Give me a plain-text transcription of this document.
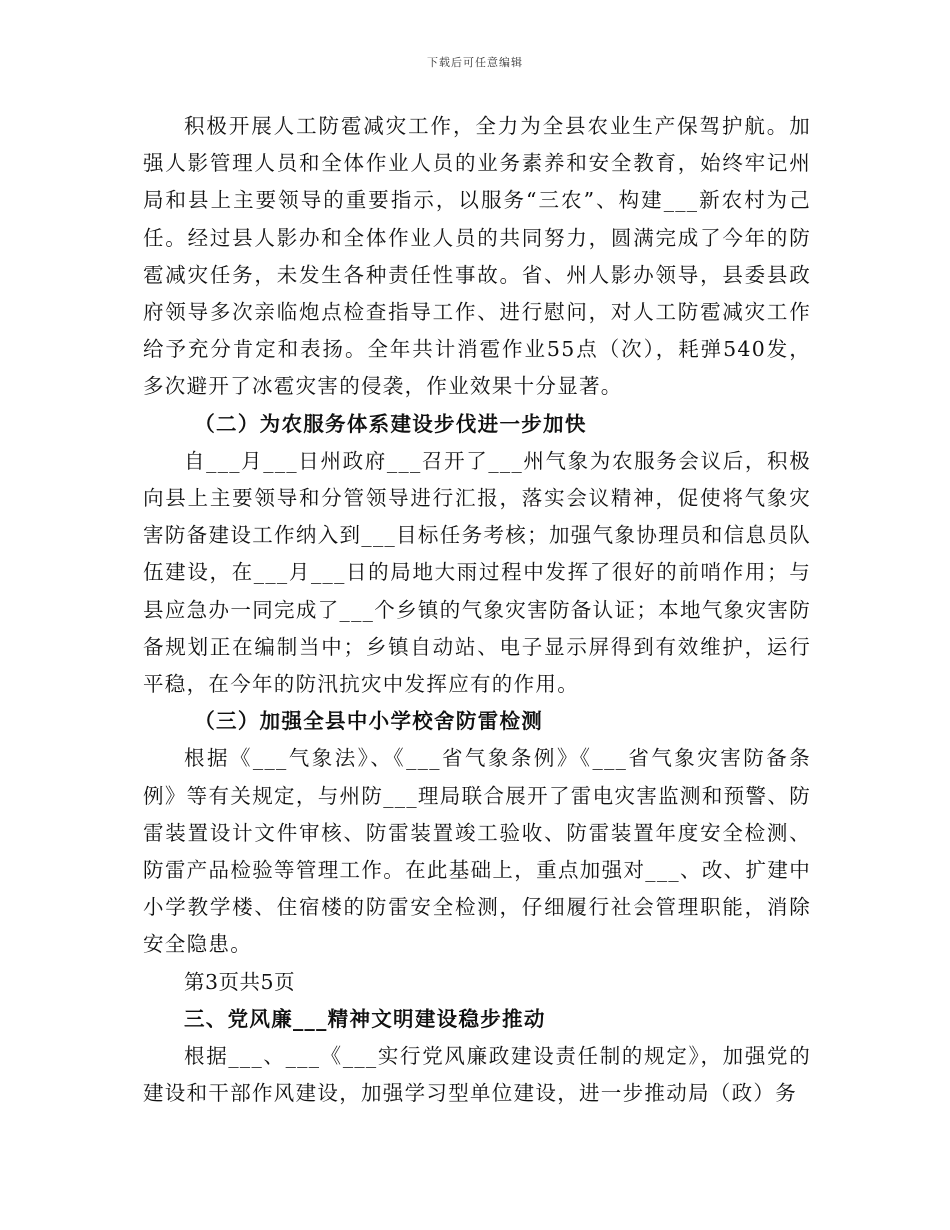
下载后可任意编辑

积极开展人工防雹减灾工作，全力为全县农业生产保驾护航。加强人影管理人员和全体作业人员的业务素养和安全教育，始终牢记州局和县上主要领导的重要指示，以服务“三农”、构建___新农村为己任。经过县人影办和全体作业人员的共同努力，圆满完成了今年的防雹减灾任务，未发生各种责任性事故。省、州人影办领导，县委县政府领导多次亲临炮点检查指导工作、进行慰问，对人工防雹减灾工作给予充分肯定和表扬。全年共计消雹作业55点（次），耗弹540发，多次避开了冰雹灾害的侵袭，作业效果十分显著。

（二）为农服务体系建设步伐进一步加快

自___月___日州政府___召开了___州气象为农服务会议后，积极向县上主要领导和分管领导进行汇报，落实会议精神，促使将气象灾害防备建设工作纳入到___目标任务考核；加强气象协理员和信息员队伍建设，在___月___日的局地大雨过程中发挥了很好的前哨作用；与县应急办一同完成了___个乡镇的气象灾害防备认证；本地气象灾害防备规划正在编制当中；乡镇自动站、电子显示屏得到有效维护，运行平稳，在今年的防汛抗灾中发挥应有的作用。

（三）加强全县中小学校舍防雷检测

根据《___气象法》、《___省气象条例》《___省气象灾害防备条例》等有关规定，与州防___理局联合展开了雷电灾害监测和预警、防雷装置设计文件审核、防雷装置竣工验收、防雷装置年度安全检测、防雷产品检验等管理工作。在此基础上，重点加强对___、改、扩建中小学教学楼、住宿楼的防雷安全检测，仔细履行社会管理职能，消除安全隐患。

第3页共5页

三、党风廉___精神文明建设稳步推动

根据___、___《___实行党风廉政建设责任制的规定》，加强党的建设和干部作风建设，加强学习型单位建设，进一步推动局（政）务
